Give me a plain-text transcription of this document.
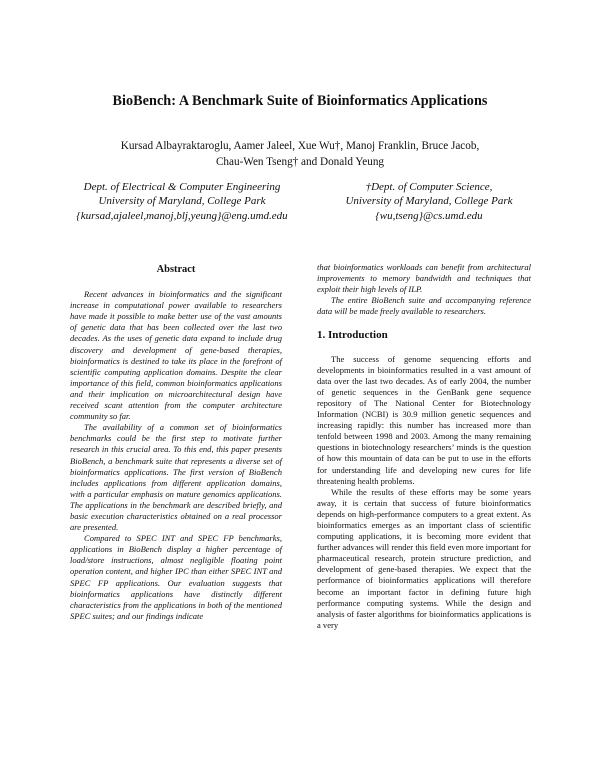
BioBench: A Benchmark Suite of Bioinformatics Applications
Kursad Albayraktaroglu, Aamer Jaleel, Xue Wu†, Manoj Franklin, Bruce Jacob,
Chau-Wen Tseng† and Donald Yeung
Dept. of Electrical & Computer Engineering
University of Maryland, College Park
{kursad,ajaleel,manoj,blj,yeung}@eng.umd.edu
†Dept. of Computer Science,
University of Maryland, College Park
{wu,tseng}@cs.umd.edu
Abstract

Recent advances in bioinformatics and the significant increase in computational power available to researchers have made it possible to make better use of the vast amounts of genetic data that has been collected over the last two decades. As the uses of genetic data expand to include drug discovery and development of gene-based therapies, bioinformatics is destined to take its place in the forefront of scientific computing application domains. Despite the clear importance of this field, common bioinformatics applications and their implication on microarchitectural design have received scant attention from the computer architecture community so far.

The availability of a common set of bioinformatics benchmarks could be the first step to motivate further research in this crucial area. To this end, this paper presents BioBench, a benchmark suite that represents a diverse set of bioinformatics applications. The first version of BioBench includes applications from different application domains, with a particular emphasis on mature genomics applications. The applications in the benchmark are described briefly, and basic execution characteristics obtained on a real processor are presented.

Compared to SPEC INT and SPEC FP benchmarks, applications in BioBench display a higher percentage of load/store instructions, almost negligible floating point operation content, and higher IPC than either SPEC INT and SPEC FP applications. Our evaluation suggests that bioinformatics applications have distinctly different characteristics from the applications in both of the mentioned SPEC suites; and our findings indicate

that bioinformatics workloads can benefit from architectural improvements to memory bandwidth and techniques that exploit their high levels of ILP.

The entire BioBench suite and accompanying reference data will be made freely available to researchers.

1. Introduction

The success of genome sequencing efforts and developments in bioinformatics resulted in a vast amount of data over the last two decades. As of early 2004, the number of genetic sequences in the GenBank gene sequence repository of The National Center for Biotechnology Information (NCBI) is 30.9 million genetic sequences and increasing rapidly: this number has increased more than tenfold between 1998 and 2003. Among the many remaining questions in biotechnology researchers’ minds is the question of how this mountain of data can be put to use in the efforts for understanding life and developing new cures for life threatening health problems.

While the results of these efforts may be some years away, it is certain that success of future bioinformatics depends on high-performance computers to a great extent. As bioinformatics emerges as an important class of scientific computing applications, it is becoming more evident that further advances will render this field even more important for pharmaceutical research, protein structure prediction, and development of gene-based therapies. We expect that the performance of bioinformatics applications will therefore become an important factor in defining future high performance computing systems. While the design and analysis of faster algorithms for bioinformatics applications is a very
